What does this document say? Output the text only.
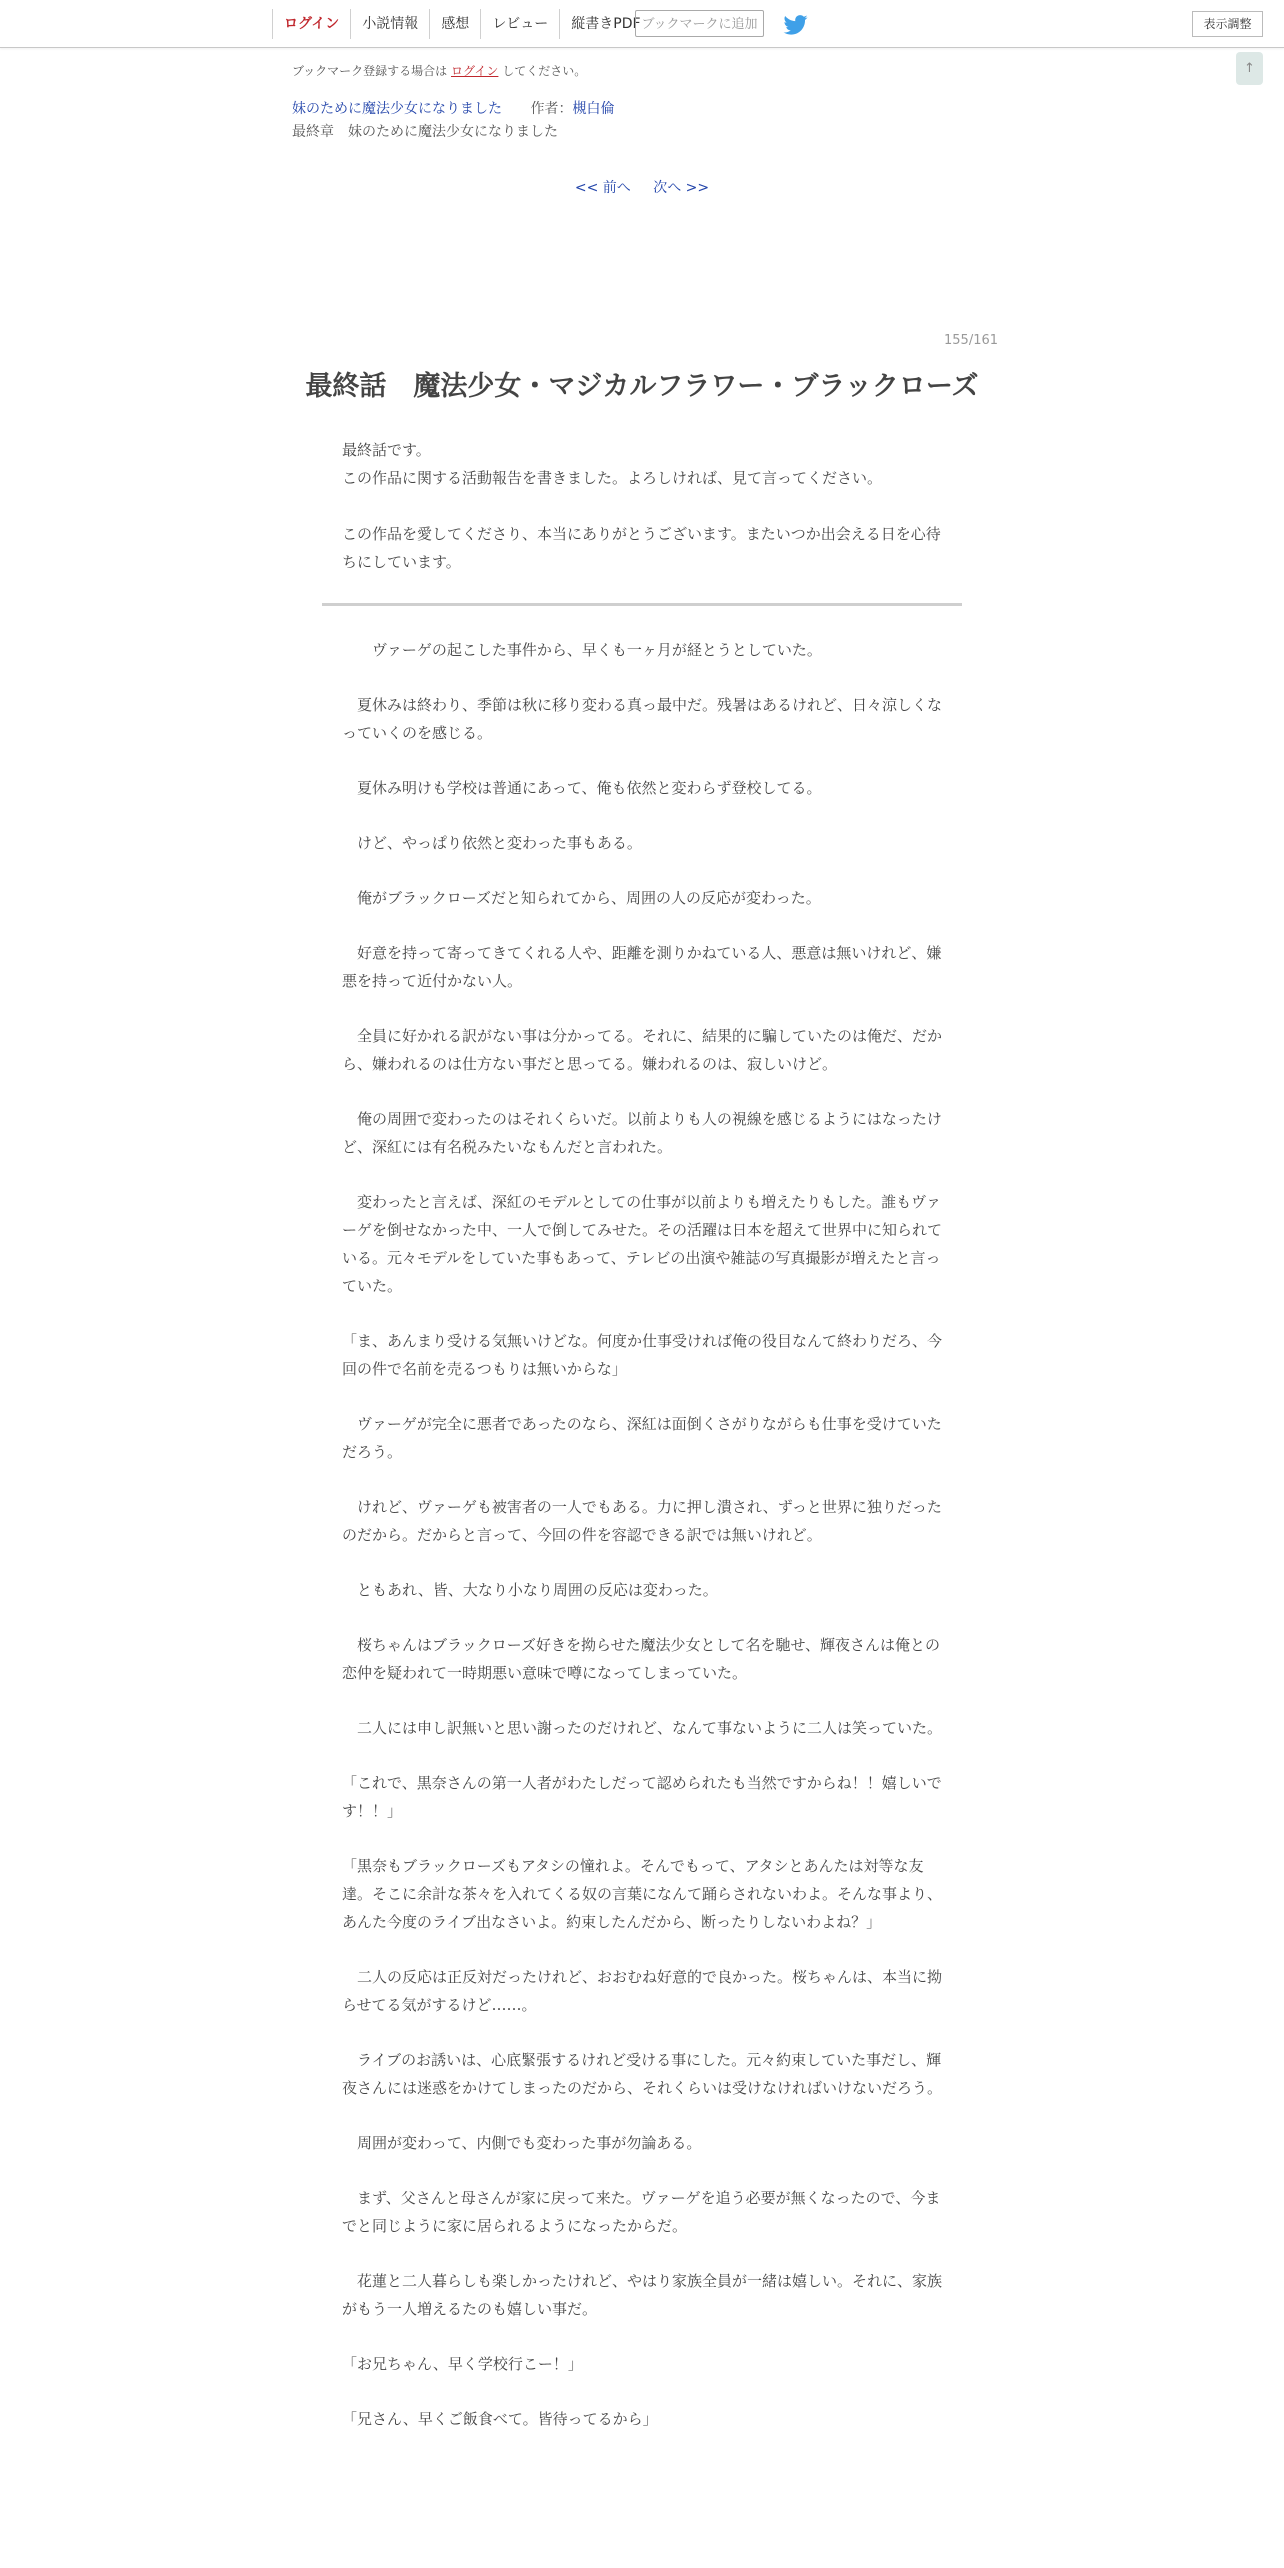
ログイン	小説情報	感想	レビュー	縦書きPDF ブックマークに追加	表示調整
↑
ブックマーク登録する場合は ログイン してください。
妹のために魔法少女になりました 作者：槻白倫
最終章　妹のために魔法少女になりました
<< 前へ 次へ >>
155/161
最終話　魔法少女・マジカルフラワー・ブラックローズ

最終話です。

この作品に関する活動報告を書きました。よろしければ、見て言ってください。

この作品を愛してくださり、本当にありがとうございます。またいつか出会える日を心待ちにしています。

　　ヴァーゲの起こした事件から、早くも一ヶ月が経とうとしていた。

　夏休みは終わり、季節は秋に移り変わる真っ最中だ。残暑はあるけれど、日々涼しくなっていくのを感じる。

　夏休み明けも学校は普通にあって、俺も依然と変わらず登校してる。

　けど、やっぱり依然と変わった事もある。

　俺がブラックローズだと知られてから、周囲の人の反応が変わった。

　好意を持って寄ってきてくれる人や、距離を測りかねている人、悪意は無いけれど、嫌悪を持って近付かない人。

　全員に好かれる訳がない事は分かってる。それに、結果的に騙していたのは俺だ、だから、嫌われるのは仕方ない事だと思ってる。嫌われるのは、寂しいけど。

　俺の周囲で変わったのはそれくらいだ。以前よりも人の視線を感じるようにはなったけど、深紅には有名税みたいなもんだと言われた。

　変わったと言えば、深紅のモデルとしての仕事が以前よりも増えたりもした。誰もヴァーゲを倒せなかった中、一人で倒してみせた。その活躍は日本を超えて世界中に知られている。元々モデルをしていた事もあって、テレビの出演や雑誌の写真撮影が増えたと言っていた。

「ま、あんまり受ける気無いけどな。何度か仕事受ければ俺の役目なんて終わりだろ、今回の件で名前を売るつもりは無いからな」

　ヴァーゲが完全に悪者であったのなら、深紅は面倒くさがりながらも仕事を受けていただろう。

　けれど、ヴァーゲも被害者の一人でもある。力に押し潰され、ずっと世界に独りだったのだから。だからと言って、今回の件を容認できる訳では無いけれど。

　ともあれ、皆、大なり小なり周囲の反応は変わった。

　桜ちゃんはブラックローズ好きを拗らせた魔法少女として名を馳せ、輝夜さんは俺との恋仲を疑われて一時期悪い意味で噂になってしまっていた。

　二人には申し訳無いと思い謝ったのだけれど、なんて事ないように二人は笑っていた。

「これで、黒奈さんの第一人者がわたしだって認められたも当然ですからね！！嬉しいです！！」

「黒奈もブラックローズもアタシの憧れよ。そんでもって、アタシとあんたは対等な友達。そこに余計な茶々を入れてくる奴の言葉になんて踊らされないわよ。そんな事より、あんた今度のライブ出なさいよ。約束したんだから、断ったりしないわよね？」

　二人の反応は正反対だったけれど、おおむね好意的で良かった。桜ちゃんは、本当に拗らせてる気がするけど……。

　ライブのお誘いは、心底緊張するけれど受ける事にした。元々約束していた事だし、輝夜さんには迷惑をかけてしまったのだから、それくらいは受けなければいけないだろう。

　周囲が変わって、内側でも変わった事が勿論ある。

　まず、父さんと母さんが家に戻って来た。ヴァーゲを追う必要が無くなったので、今までと同じように家に居られるようになったからだ。

　花蓮と二人暮らしも楽しかったけれど、やはり家族全員が一緒は嬉しい。それに、家族がもう一人増えるたのも嬉しい事だ。

「お兄ちゃん、早く学校行こー！」

「兄さん、早くご飯食べて。皆待ってるから」
